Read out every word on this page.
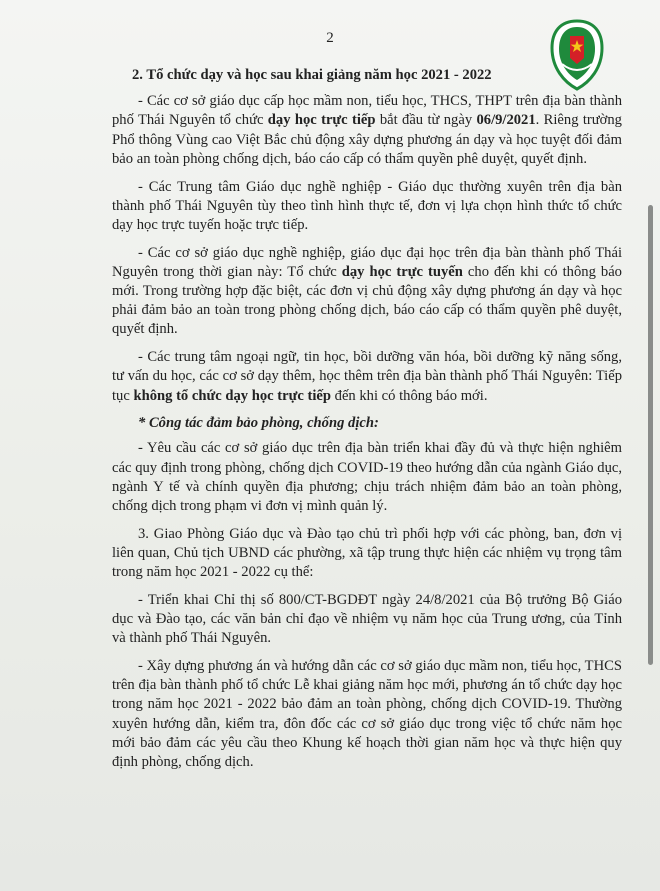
2

2. Tổ chức dạy và học sau khai giảng năm học 2021 - 2022

- Các cơ sở giáo dục cấp học mầm non, tiểu học, THCS, THPT trên địa bàn thành phố Thái Nguyên tổ chức dạy học trực tiếp bắt đầu từ ngày 06/9/2021. Riêng trường Phổ thông Vùng cao Việt Bắc chủ động xây dựng phương án dạy và học tuyệt đối đảm bảo an toàn phòng chống dịch, báo cáo cấp có thẩm quyền phê duyệt, quyết định.

- Các Trung tâm Giáo dục nghề nghiệp - Giáo dục thường xuyên trên địa bàn thành phố Thái Nguyên tùy theo tình hình thực tế, đơn vị lựa chọn hình thức tổ chức dạy học trực tuyến hoặc trực tiếp.

- Các cơ sở giáo dục nghề nghiệp, giáo dục đại học trên địa bàn thành phố Thái Nguyên trong thời gian này: Tổ chức dạy học trực tuyến cho đến khi có thông báo mới. Trong trường hợp đặc biệt, các đơn vị chủ động xây dựng phương án dạy và học phải đảm bảo an toàn trong phòng chống dịch, báo cáo cấp có thẩm quyền phê duyệt, quyết định.

- Các trung tâm ngoại ngữ, tin học, bồi dưỡng văn hóa, bồi dưỡng kỹ năng sống, tư vấn du học, các cơ sở dạy thêm, học thêm trên địa bàn thành phố Thái Nguyên: Tiếp tục không tổ chức dạy học trực tiếp đến khi có thông báo mới.

* Công tác đảm bảo phòng, chống dịch:

- Yêu cầu các cơ sở giáo dục trên địa bàn triển khai đầy đủ và thực hiện nghiêm các quy định trong phòng, chống dịch COVID-19 theo hướng dẫn của ngành Giáo dục, ngành Y tế và chính quyền địa phương; chịu trách nhiệm đảm bảo an toàn phòng, chống dịch trong phạm vi đơn vị mình quản lý.

3. Giao Phòng Giáo dục và Đào tạo chủ trì phối hợp với các phòng, ban, đơn vị liên quan, Chủ tịch UBND các phường, xã tập trung thực hiện các nhiệm vụ trọng tâm trong năm học 2021 - 2022 cụ thể:

- Triển khai Chỉ thị số 800/CT-BGDĐT ngày 24/8/2021 của Bộ trưởng Bộ Giáo dục và Đào tạo, các văn bản chỉ đạo về nhiệm vụ năm học của Trung ương, của Tỉnh và thành phố Thái Nguyên.

- Xây dựng phương án và hướng dẫn các cơ sở giáo dục mầm non, tiểu học, THCS trên địa bàn thành phố tổ chức Lễ khai giảng năm học mới, phương án tổ chức dạy học trong năm học 2021 - 2022 bảo đảm an toàn phòng, chống dịch COVID-19. Thường xuyên hướng dẫn, kiểm tra, đôn đốc các cơ sở giáo dục trong việc tổ chức năm học mới bảo đảm các yêu cầu theo Khung kế hoạch thời gian năm học và thực hiện quy định phòng, chống dịch.
